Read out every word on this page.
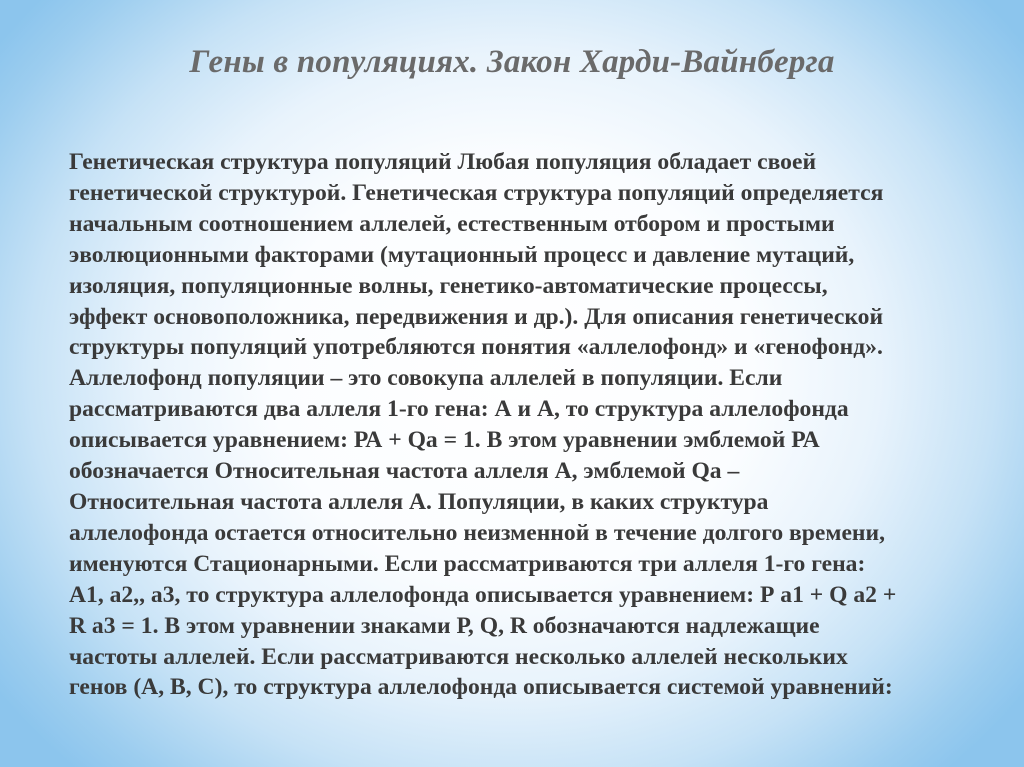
Гены в популяциях. Закон Харди-Вайнберга
Генетическая структура популяций Любая популяция обладает своей
генетической структурой. Генетическая структура популяций определяется
начальным соотношением аллелей, естественным отбором и простыми
эволюционными факторами (мутационный процесс и давление мутаций,
изоляция, популяционные волны, генетико-автоматические процессы,
эффект основоположника, передвижения и др.). Для описания генетической
структуры популяций употребляются понятия «аллелофонд» и «генофонд».
Аллелофонд популяции – это совокупа аллелей в популяции. Если
рассматриваются два аллеля 1-го гена: А и А, то структура аллелофонда
описывается уравнением: РА + Qа = 1. В этом уравнении эмблемой РА
обозначается Относительная частота аллеля А, эмблемой Qа –
Относительная частота аллеля А. Популяции, в каких структура
аллелофонда остается относительно неизменной в течение долгого времени,
именуются Стационарными. Если рассматриваются три аллеля 1-го гена:
А1, а2,, а3, то структура аллелофонда описывается уравнением: Р а1 + Q а2 +
R а3 = 1. В этом уравнении знаками Р, Q, R обозначаются надлежащие
частоты аллелей. Если рассматриваются несколько аллелей нескольких
генов (А, В, С), то структура аллелофонда описывается системой уравнений:
